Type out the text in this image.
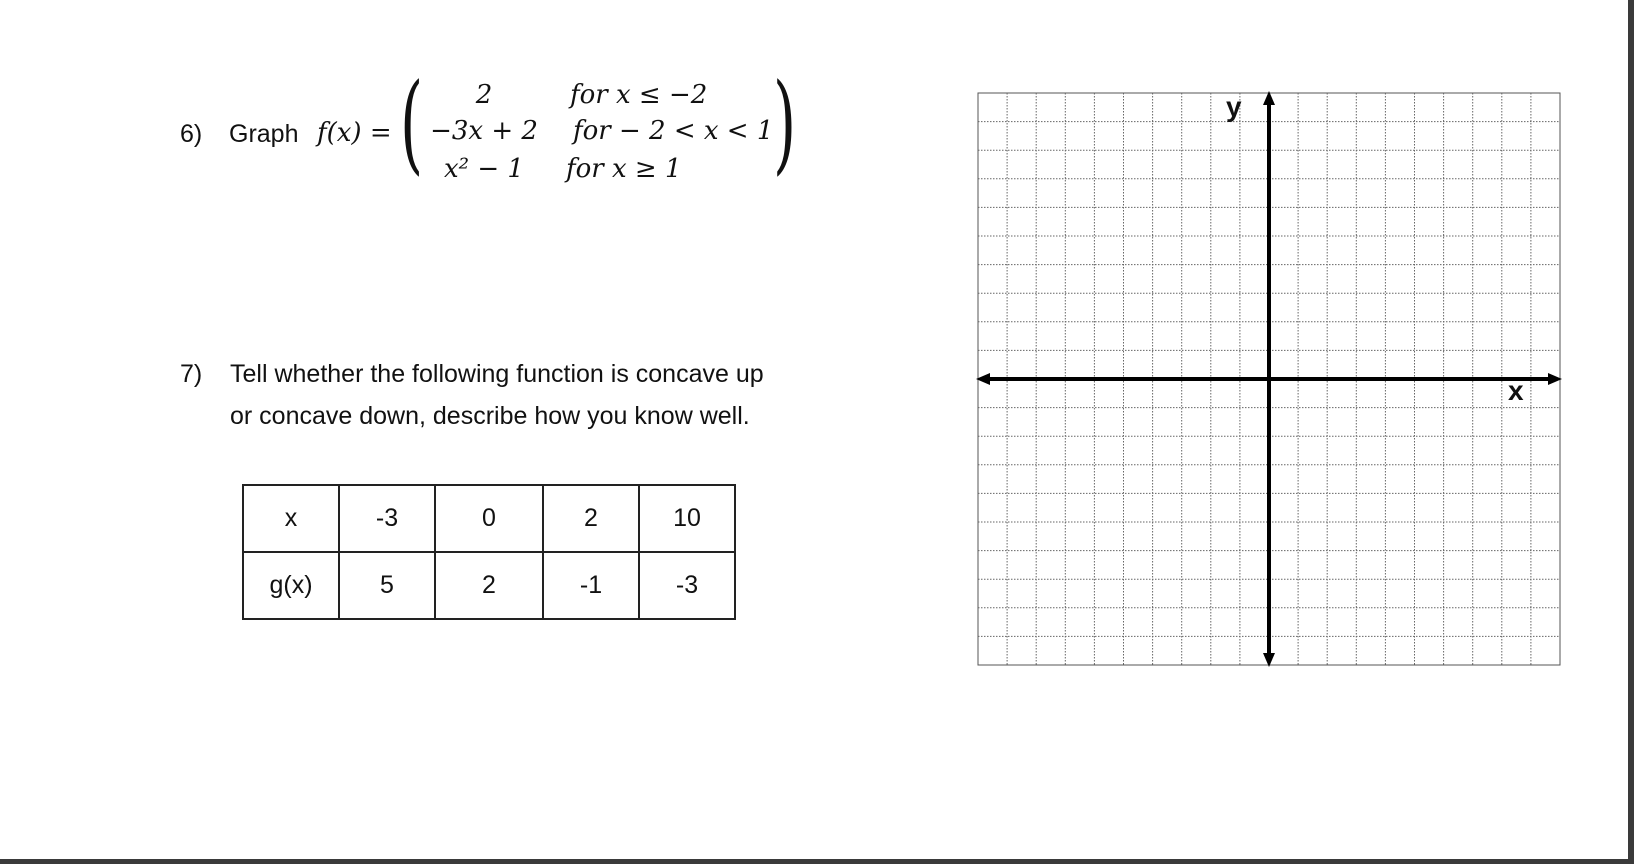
6) Graph f(x) = (	)
2	for x ≤ −2
−3x + 2 for − 2 < x < 1
x² − 1	for x ≥ 1
7) Tell whether the following function is concave up
or concave down, describe how you know well.
x	-3	0	2	10
g(x)	5	2	-1	-3
y
x
